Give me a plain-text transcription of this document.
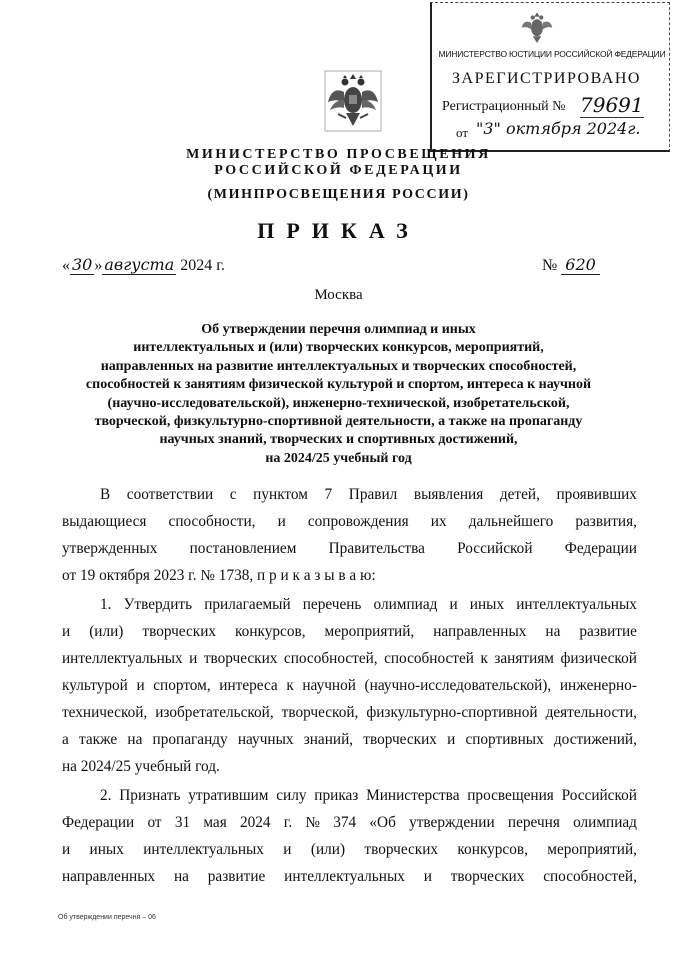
МИНИСТЕРСТВО ЮСТИЦИИ РОССИЙСКОЙ ФЕДЕРАЦИИ
ЗАРЕГИСТРИРОВАНО
Регистрационный № 79691
от "3" октября 2024г.
МИНИСТЕРСТВО ПРОСВЕЩЕНИЯ
РОССИЙСКОЙ ФЕДЕРАЦИИ
(МИНПРОСВЕЩЕНИЯ РОССИИ)
ПРИКАЗ
« 30 » августа 2024 г.	№ 620
Москва
Об утверждении перечня олимпиад и иных
интеллектуальных и (или) творческих конкурсов, мероприятий,
направленных на развитие интеллектуальных и творческих способностей,
способностей к занятиям физической культурой и спортом, интереса к научной
(научно-исследовательской), инженерно-технической, изобретательской,
творческой, физкультурно-спортивной деятельности, а также на пропаганду
научных знаний, творческих и спортивных достижений,
на 2024/25 учебный год
В соответствии с пунктом 7 Правил выявления детей, проявивших
выдающиеся способности, и сопровождения их дальнейшего развития,
утвержденных постановлением Правительства Российской Федерации
от 19 октября 2023 г. № 1738, п р и к а з ы в а ю:
1. Утвердить прилагаемый перечень олимпиад и иных интеллектуальных
и (или) творческих конкурсов, мероприятий, направленных на развитие
интеллектуальных и творческих способностей, способностей к занятиям физической
культурой и спортом, интереса к научной (научно-исследовательской), инженерно-
технической, изобретательской, творческой, физкультурно-спортивной деятельности,
а также на пропаганду научных знаний, творческих и спортивных достижений,
на 2024/25 учебный год.
2. Признать утратившим силу приказ Министерства просвещения Российской
Федерации от 31 мая 2024 г. № 374 «Об утверждении перечня олимпиад
и иных интеллектуальных и (или) творческих конкурсов, мероприятий,
направленных на развитие интеллектуальных и творческих способностей,
Об утверждении перечня – 06
